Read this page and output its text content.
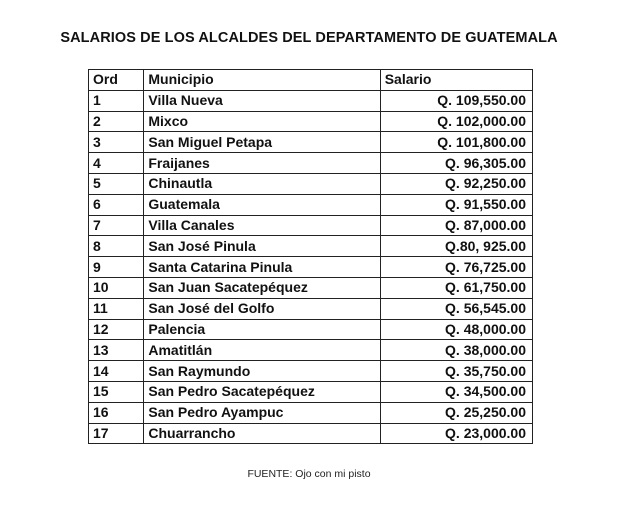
SALARIOS DE LOS ALCALDES DEL DEPARTAMENTO DE GUATEMALA
Ord	Municipio	Salario
1	Villa Nueva	Q. 109,550.00
2	Mixco	Q. 102,000.00
3	San Miguel Petapa	Q. 101,800.00
4	Fraijanes	Q. 96,305.00
5	Chinautla	Q. 92,250.00
6	Guatemala	Q. 91,550.00
7	Villa Canales	Q. 87,000.00
8	San José Pinula	Q.80, 925.00
9	Santa Catarina Pinula	Q. 76,725.00
10	San Juan Sacatepéquez	Q. 61,750.00
11	San José del Golfo	Q. 56,545.00
12	Palencia	Q. 48,000.00
13	Amatitlán	Q. 38,000.00
14	San Raymundo	Q. 35,750.00
15	San Pedro Sacatepéquez	Q. 34,500.00
16	San Pedro Ayampuc	Q. 25,250.00
17	Chuarrancho	Q. 23,000.00
FUENTE: Ojo con mi pisto
